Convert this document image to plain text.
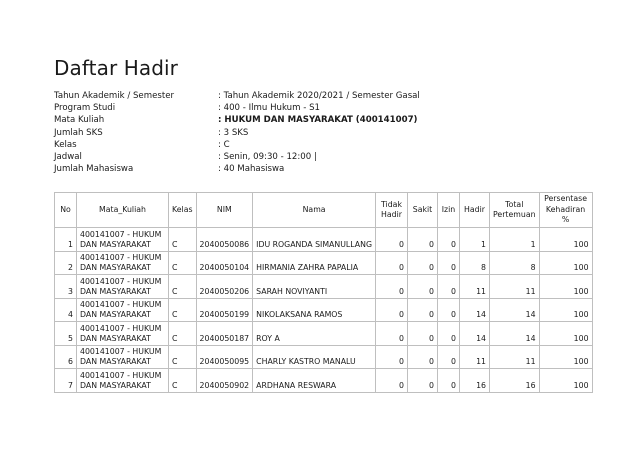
Daftar Hadir
Tahun Akademik / Semester	: Tahun Akademik 2020/2021 / Semester Gasal
Program Studi	: 400 - Ilmu Hukum - S1
Mata Kuliah	: HUKUM DAN MASYARAKAT (400141007)
Jumlah SKS	: 3 SKS
Kelas	: C
Jadwal	: Senin, 09:30 - 12:00 |
Jumlah Mahasiswa	: 40 Mahasiswa
No	Mata_Kuliah	Kelas	NIM	Nama	Tidak Hadir	Sakit	Izin	Hadir	Total Pertemuan	Persentase Kehadiran %
1	400141007 - HUKUM
DAN MASYARAKAT	C	2040050086	IDU ROGANDA SIMANULLANG	0	0	0	1	1	100
2	400141007 - HUKUM
DAN MASYARAKAT	C	2040050104	HIRMANIA ZAHRA PAPALIA	0	0	0	8	8	100
3	400141007 - HUKUM
DAN MASYARAKAT	C	2040050206	SARAH NOVIYANTI	0	0	0	11	11	100
4	400141007 - HUKUM
DAN MASYARAKAT	C	2040050199	NIKOLAKSANA RAMOS	0	0	0	14	14	100
5	400141007 - HUKUM
DAN MASYARAKAT	C	2040050187	ROY A	0	0	0	14	14	100
6	400141007 - HUKUM
DAN MASYARAKAT	C	2040050095	CHARLY KASTRO MANALU	0	0	0	11	11	100
7	400141007 - HUKUM
DAN MASYARAKAT	C	2040050902	ARDHANA RESWARA	0	0	0	16	16	100
